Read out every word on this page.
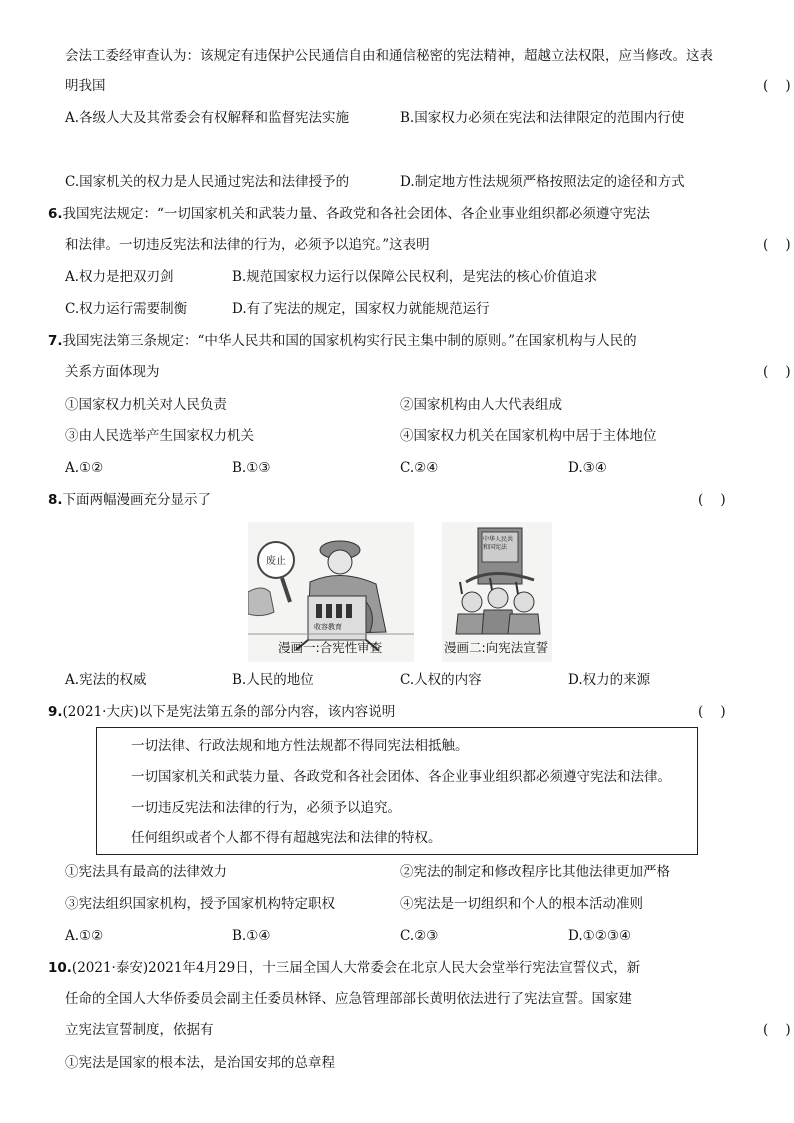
会法工委经审查认为：该规定有违保护公民通信自由和通信秘密的宪法精神，超越立法权限，应当修改。这表
明我国	(    )
A.各级人大及其常委会有权解释和监督宪法实施	B.国家权力必须在宪法和法律限定的范围内行使
C.国家机关的权力是人民通过宪法和法律授予的	D.制定地方性法规须严格按照法定的途径和方式
6.我国宪法规定：“一切国家机关和武装力量、各政党和各社会团体、各企业事业组织都必须遵守宪法
和法律。一切违反宪法和法律的行为，必须予以追究。”这表明	(    )
A.权力是把双刃剑	B.规范国家权力运行以保障公民权利，是宪法的核心价值追求
C.权力运行需要制衡	D.有了宪法的规定，国家权力就能规范运行
7.我国宪法第三条规定：“中华人民共和国的国家机构实行民主集中制的原则。”在国家机构与人民的
关系方面体现为	(    )
①国家权力机关对人民负责	②国家机构由人大代表组成
③由人民选举产生国家权力机关	④国家权力机关在国家机构中居于主体地位
A.①②	B.①③	C.②④	D.③④
8.下面两幅漫画充分显示了	(    )
废止
收容教育
漫画一:合宪性审查
中华人民共和国宪法
漫画二:向宪法宣誓
A.宪法的权威	B.人民的地位	C.人权的内容	D.权力的来源
9.(2021·大庆)以下是宪法第五条的部分内容，该内容说明	(    )
一切法律、行政法规和地方性法规都不得同宪法相抵触。
一切国家机关和武装力量、各政党和各社会团体、各企业事业组织都必须遵守宪法和法律。
一切违反宪法和法律的行为，必须予以追究。
任何组织或者个人都不得有超越宪法和法律的特权。
①宪法具有最高的法律效力	②宪法的制定和修改程序比其他法律更加严格
③宪法组织国家机构，授予国家机构特定职权	④宪法是一切组织和个人的根本活动准则
A.①②	B.①④	C.②③	D.①②③④
10.(2021·泰安)2021年4月29日，十三届全国人大常委会在北京人民大会堂举行宪法宣誓仪式，新
任命的全国人大华侨委员会副主任委员林铎、应急管理部部长黄明依法进行了宪法宣誓。国家建
立宪法宣誓制度，依据有	(    )
①宪法是国家的根本法，是治国安邦的总章程
